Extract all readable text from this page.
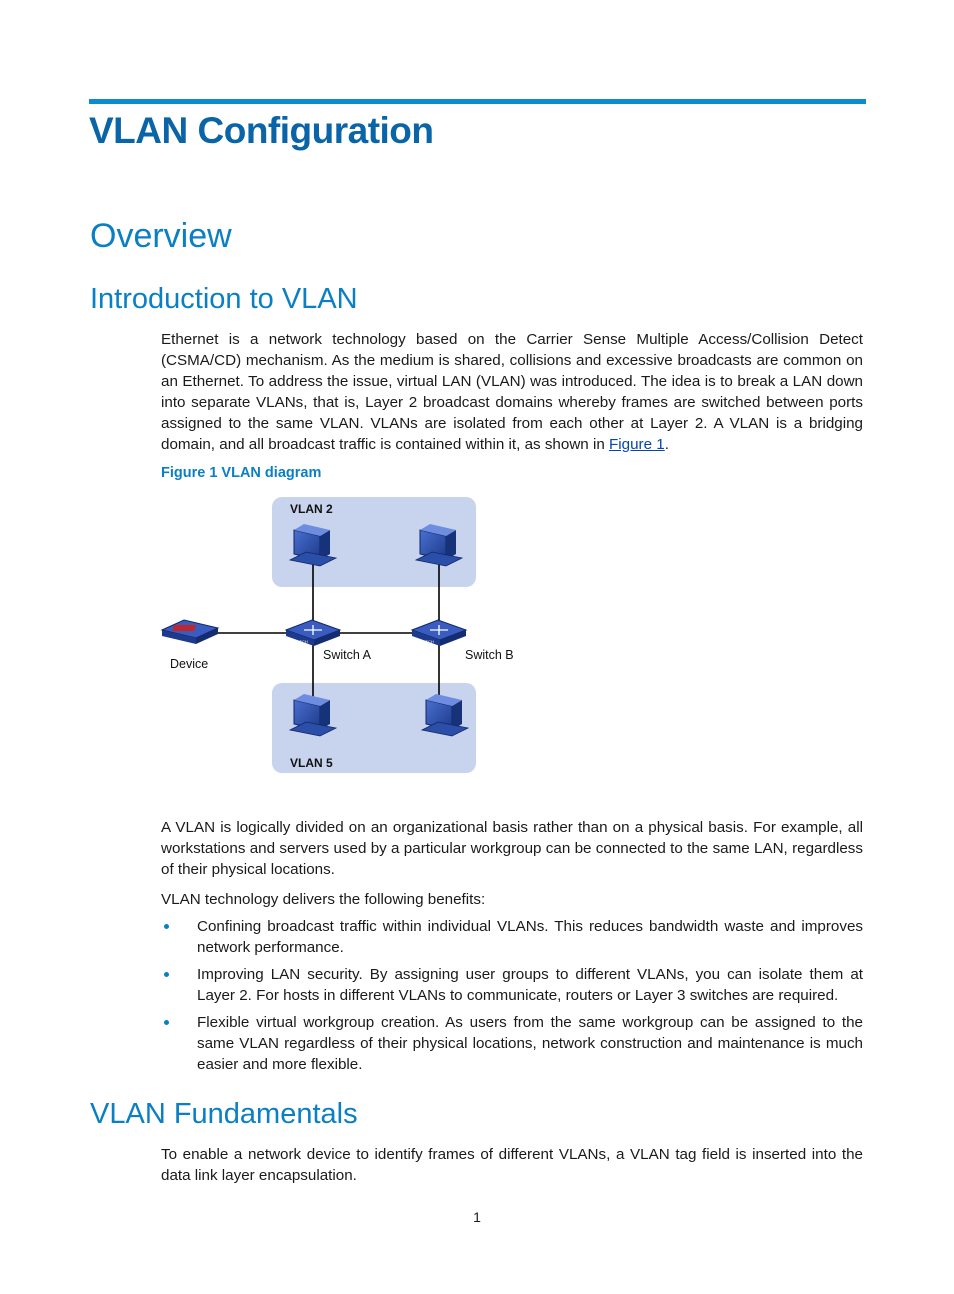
VLAN Configuration
Overview
Introduction to VLAN

Ethernet is a network technology based on the Carrier Sense Multiple Access/Collision Detect (CSMA/CD) mechanism. As the medium is shared, collisions and excessive broadcasts are common on an Ethernet. To address the issue, virtual LAN (VLAN) was introduced. The idea is to break a LAN down into separate VLANs, that is, Layer 2 broadcast domains whereby frames are switched between ports assigned to the same VLAN. VLANs are isolated from each other at Layer 2. A VLAN is a bridging domain, and all broadcast traffic is contained within it, as shown in Figure 1.

Figure 1 VLAN diagram

VLAN 2
VLAN 5
SWITCH	SWITCH
Device
Switch A	Switch B

A VLAN is logically divided on an organizational basis rather than on a physical basis. For example, all workstations and servers used by a particular workgroup can be connected to the same LAN, regardless of their physical locations.

VLAN technology delivers the following benefits:

Confining broadcast traffic within individual VLANs. This reduces bandwidth waste and improves network performance.
Improving LAN security. By assigning user groups to different VLANs, you can isolate them at Layer 2. For hosts in different VLANs to communicate, routers or Layer 3 switches are required.
Flexible virtual workgroup creation. As users from the same workgroup can be assigned to the same VLAN regardless of their physical locations, network construction and maintenance is much easier and more flexible.
VLAN Fundamentals

To enable a network device to identify frames of different VLANs, a VLAN tag field is inserted into the data link layer encapsulation.

1
